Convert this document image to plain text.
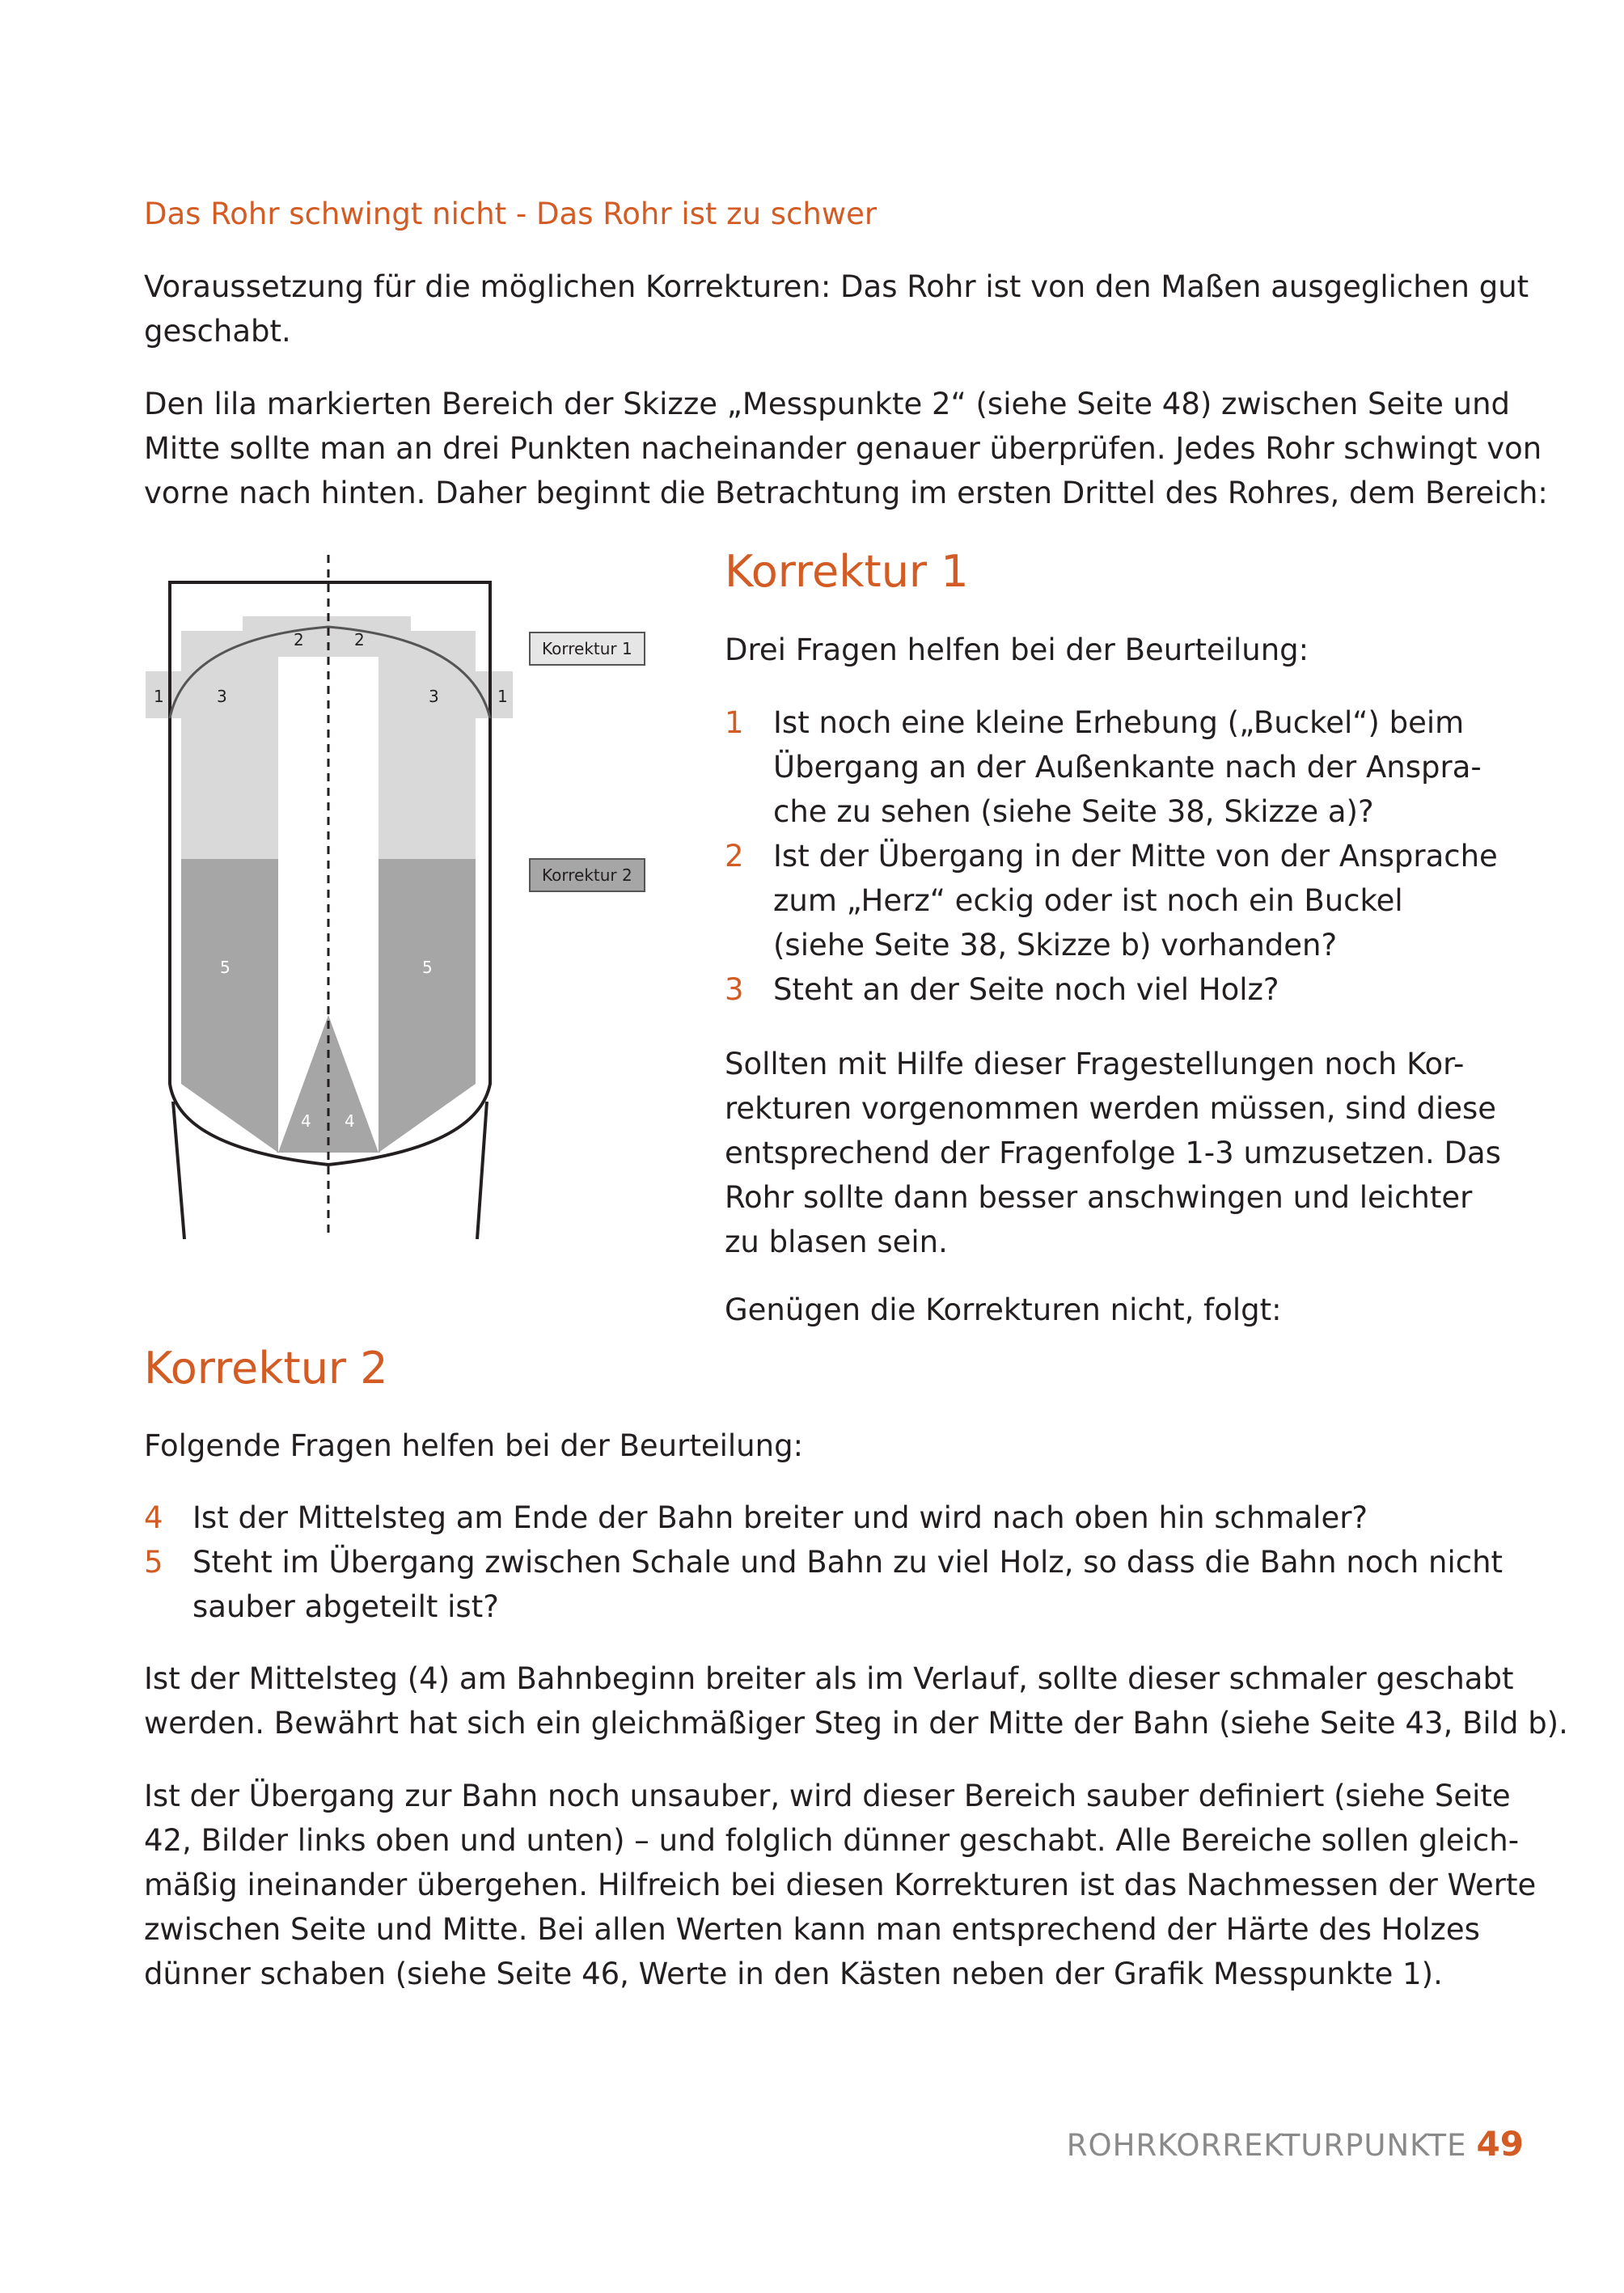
Das Rohr schwingt nicht - Das Rohr ist zu schwer

Voraussetzung für die möglichen Korrekturen: Das Rohr ist von den Maßen ausgeglichen gut
geschabt.

Den lila markierten Bereich der Skizze „Messpunkte 2“ (siehe Seite 48) zwischen Seite und
Mitte sollte man an drei Punkten nacheinander genauer überprüfen. Jedes Rohr schwingt von
vorne nach hinten. Daher beginnt die Betrachtung im ersten Drittel des Rohres, dem Bereich:

1	1
3	3
2	2
5	5
4 4
Korrektur 1
Korrektur 2
Korrektur 1

Drei Fragen helfen bei der Beurteilung:

1 Ist noch eine kleine Erhebung („Buckel“) beim
Übergang an der Außenkante nach der Anspra-
che zu sehen (siehe Seite 38, Skizze a)?
2 Ist der Übergang in der Mitte von der Ansprache
zum „Herz“ eckig oder ist noch ein Buckel
(siehe Seite 38, Skizze b) vorhanden?
3 Steht an der Seite noch viel Holz?

Sollten mit Hilfe dieser Fragestellungen noch Kor-
rekturen vorgenommen werden müssen, sind diese
entsprechend der Fragenfolge 1-3 umzusetzen. Das
Rohr sollte dann besser anschwingen und leichter
zu blasen sein.

Genügen die Korrekturen nicht, folgt:

Korrektur 2

Folgende Fragen helfen bei der Beurteilung:

4 Ist der Mittelsteg am Ende der Bahn breiter und wird nach oben hin schmaler?
5 Steht im Übergang zwischen Schale und Bahn zu viel Holz, so dass die Bahn noch nicht
sauber abgeteilt ist?

Ist der Mittelsteg (4) am Bahnbeginn breiter als im Verlauf, sollte dieser schmaler geschabt
werden. Bewährt hat sich ein gleichmäßiger Steg in der Mitte der Bahn (siehe Seite 43, Bild b).

Ist der Übergang zur Bahn noch unsauber, wird dieser Bereich sauber definiert (siehe Seite
42, Bilder links oben und unten) – und folglich dünner geschabt. Alle Bereiche sollen gleich-
mäßig ineinander übergehen. Hilfreich bei diesen Korrekturen ist das Nachmessen der Werte
zwischen Seite und Mitte. Bei allen Werten kann man entsprechend der Härte des Holzes
dünner schaben (siehe Seite 46, Werte in den Kästen neben der Grafik Messpunkte 1).

ROHRKORREKTURPUNKTE 49
